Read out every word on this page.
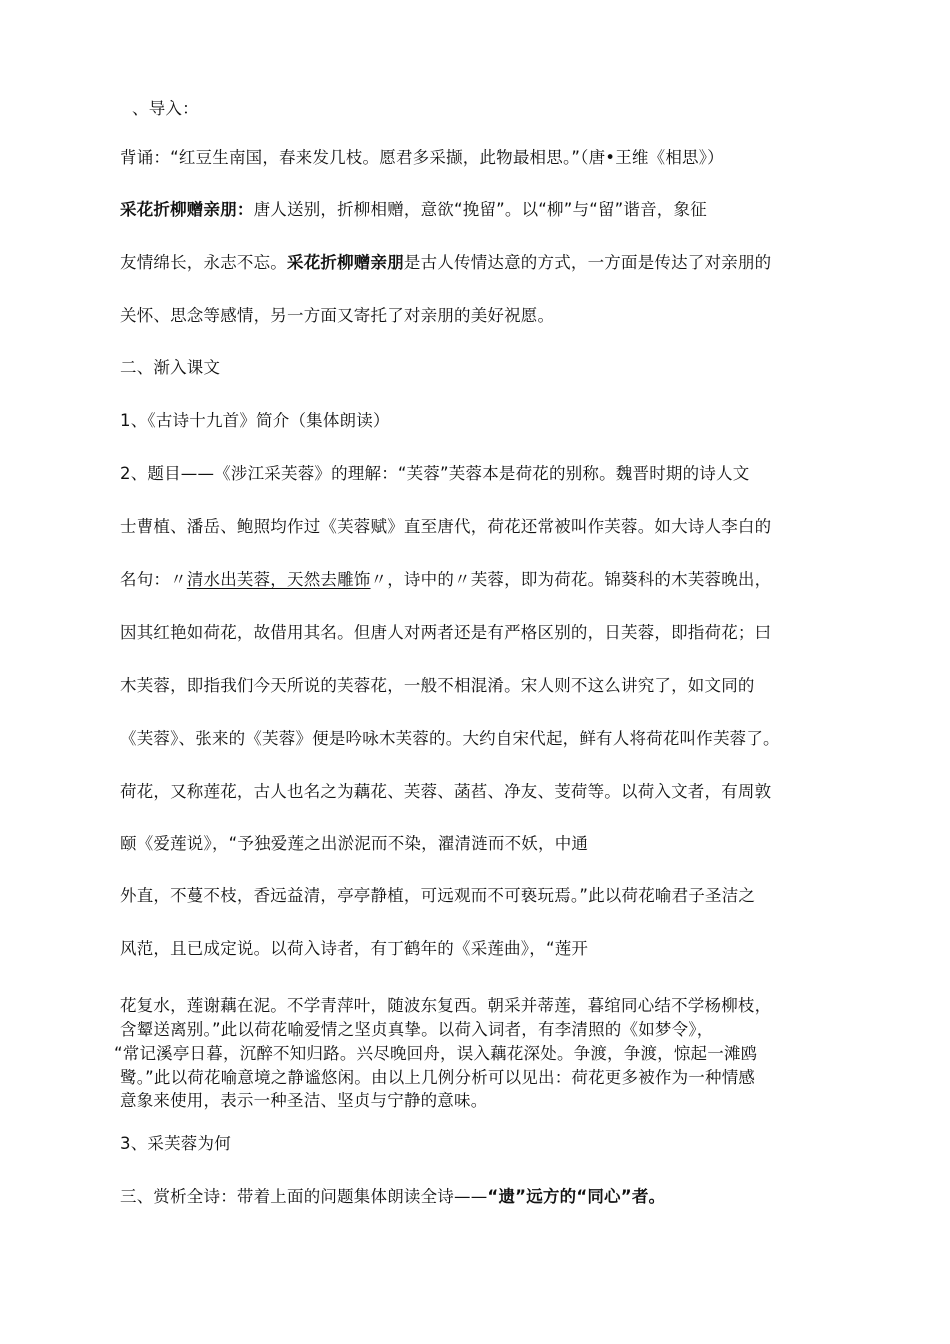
、导入：
背诵：“红豆生南国，春来发几枝。愿君多采撷，此物最相思。”（唐•王维《相思》）
采花折柳赠亲朋：唐人送别，折柳相赠，意欲“挽留”。以“柳”与“留”谐音，象征
友情绵长，永志不忘。采花折柳赠亲朋是古人传情达意的方式，一方面是传达了对亲朋的
关怀、思念等感情，另一方面又寄托了对亲朋的美好祝愿。
二、渐入课文
1、《古诗十九首》简介（集体朗读）
2、题目——《涉江采芙蓉》的理解：“芙蓉”芙蓉本是荷花的别称。魏晋时期的诗人文
士曹植、潘岳、鲍照均作过《芙蓉赋》直至唐代，荷花还常被叫作芙蓉。如大诗人李白的
名句：〃清水出芙蓉，天然去雕饰〃，诗中的〃芙蓉，即为荷花。锦葵科的木芙蓉晚出，
因其红艳如荷花，故借用其名。但唐人对两者还是有严格区别的，日芙蓉，即指荷花；曰
木芙蓉，即指我们今天所说的芙蓉花，一般不相混淆。宋人则不这么讲究了，如文同的
《芙蓉》、张来的《芙蓉》便是吟咏木芙蓉的。大约自宋代起，鲜有人将荷花叫作芙蓉了。
荷花，又称莲花，古人也名之为藕花、芙蓉、菡萏、净友、芰荷等。以荷入文者，有周敦
颐《爱莲说》，“予独爱莲之出淤泥而不染，濯清涟而不妖，中通
外直，不蔓不枝，香远益清，亭亭静植，可远观而不可亵玩焉。”此以荷花喻君子圣洁之
风范，且已成定说。以荷入诗者，有丁鹤年的《采莲曲》，“莲开
花复水，莲谢藕在泥。不学青萍叶，随波东复西。朝采并蒂莲，暮绾同心结不学杨柳枝，
含颦送离别。”此以荷花喻爱情之坚贞真挚。以荷入词者，有李清照的《如梦令》，
“常记溪亭日暮，沉醉不知归路。兴尽晚回舟，误入藕花深处。争渡，争渡，惊起一滩鸥
鹭。”此以荷花喻意境之静谧悠闲。由以上几例分析可以见出：荷花更多被作为一种情感
意象来使用，表示一种圣洁、坚贞与宁静的意味。
3、采芙蓉为何
三、赏析全诗：带着上面的问题集体朗读全诗——“遗”远方的“同心”者。
